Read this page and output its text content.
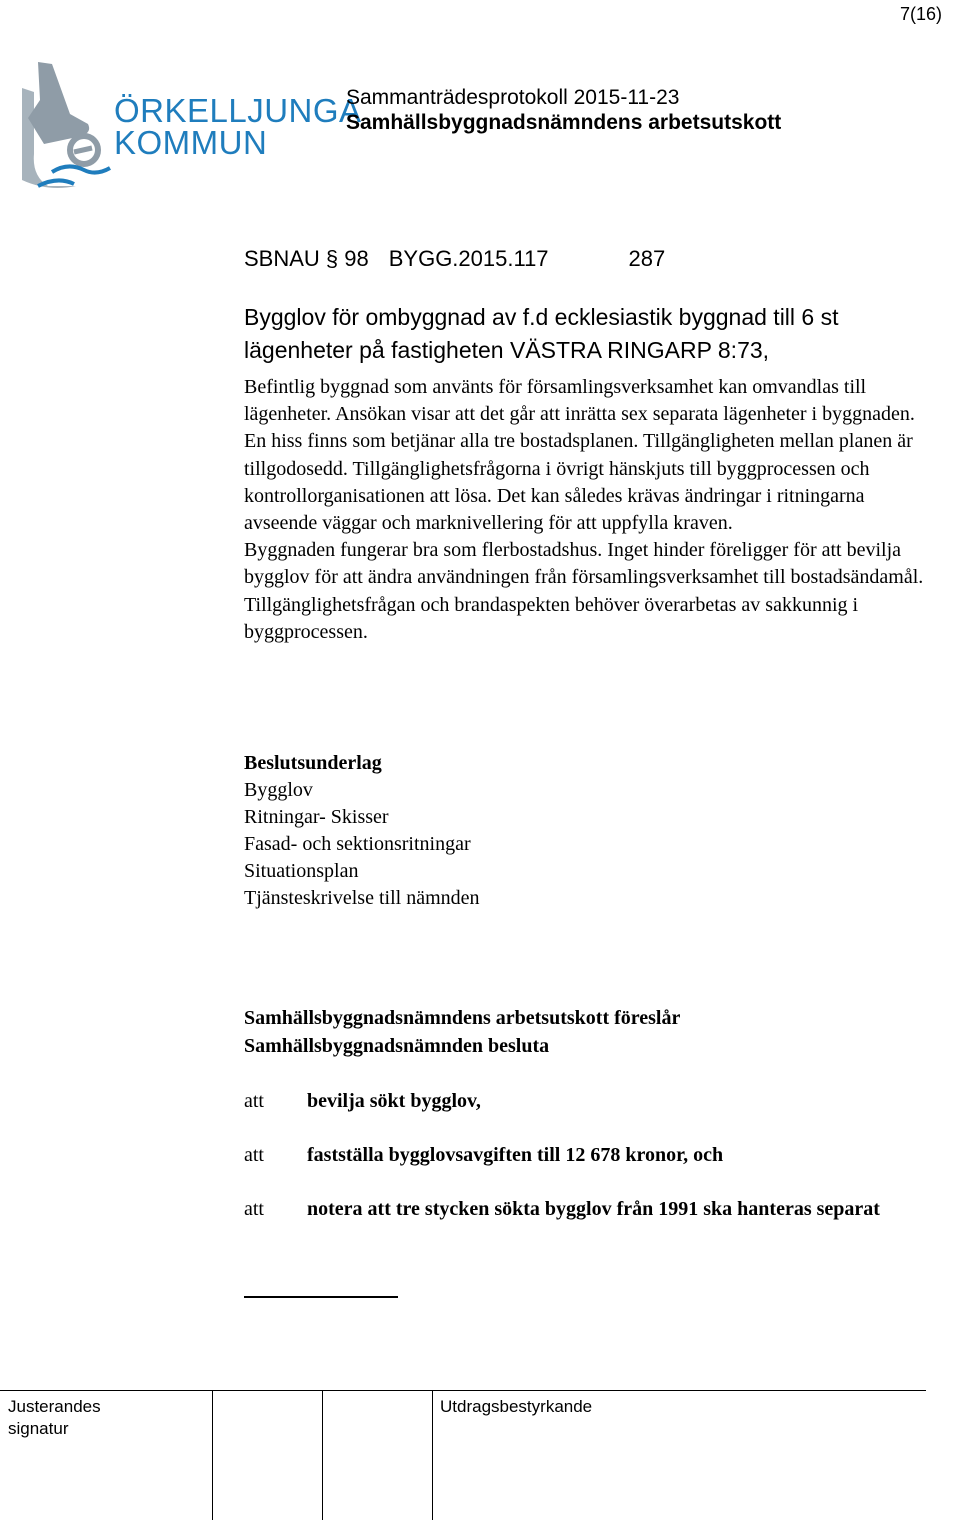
7(16)
ÖRKELLJUNGA
KOMMUN
Sammanträdesprotokoll 2015-11-23
Samhällsbyggnadsnämndens arbetsutskott
SBNAU § 98 BYGG.2015.117	287
Bygglov för ombyggnad av f.d ecklesiastik byggnad till 6 st lägenheter på fastigheten VÄSTRA RINGARP 8:73,

Befintlig byggnad som använts för församlingsverksamhet kan omvandlas till lägenheter. Ansökan visar att det går att inrätta sex separata lägenheter i byggnaden. En hiss finns som betjänar alla tre bostadsplanen. Tillgängligheten mellan planen är tillgodosedd. Tillgänglighetsfrågorna i övrigt hänskjuts till byggprocessen och kontrollorganisationen att lösa. Det kan således krävas ändringar i ritningarna avseende väggar och marknivellering för att uppfylla kraven.

Byggnaden fungerar bra som flerbostadshus. Inget hinder föreligger för att bevilja bygglov för att ändra användningen från församlingsverksamhet till bostadsändamål. Tillgänglighetsfrågan och brandaspekten behöver överarbetas av sakkunnig i byggprocessen.

Beslutsunderlag
Bygglov
Ritningar- Skisser
Fasad- och sektionsritningar
Situationsplan
Tjänsteskrivelse till nämnden
Samhällsbyggnadsnämndens arbetsutskott föreslår
Samhällsbyggnadsnämnden besluta
att bevilja sökt bygglov,
att fastställa bygglovsavgiften till 12 678 kronor, och
att notera att tre stycken sökta bygglov från 1991 ska hanteras separat
Justerandes signatur
Utdragsbestyrkande
